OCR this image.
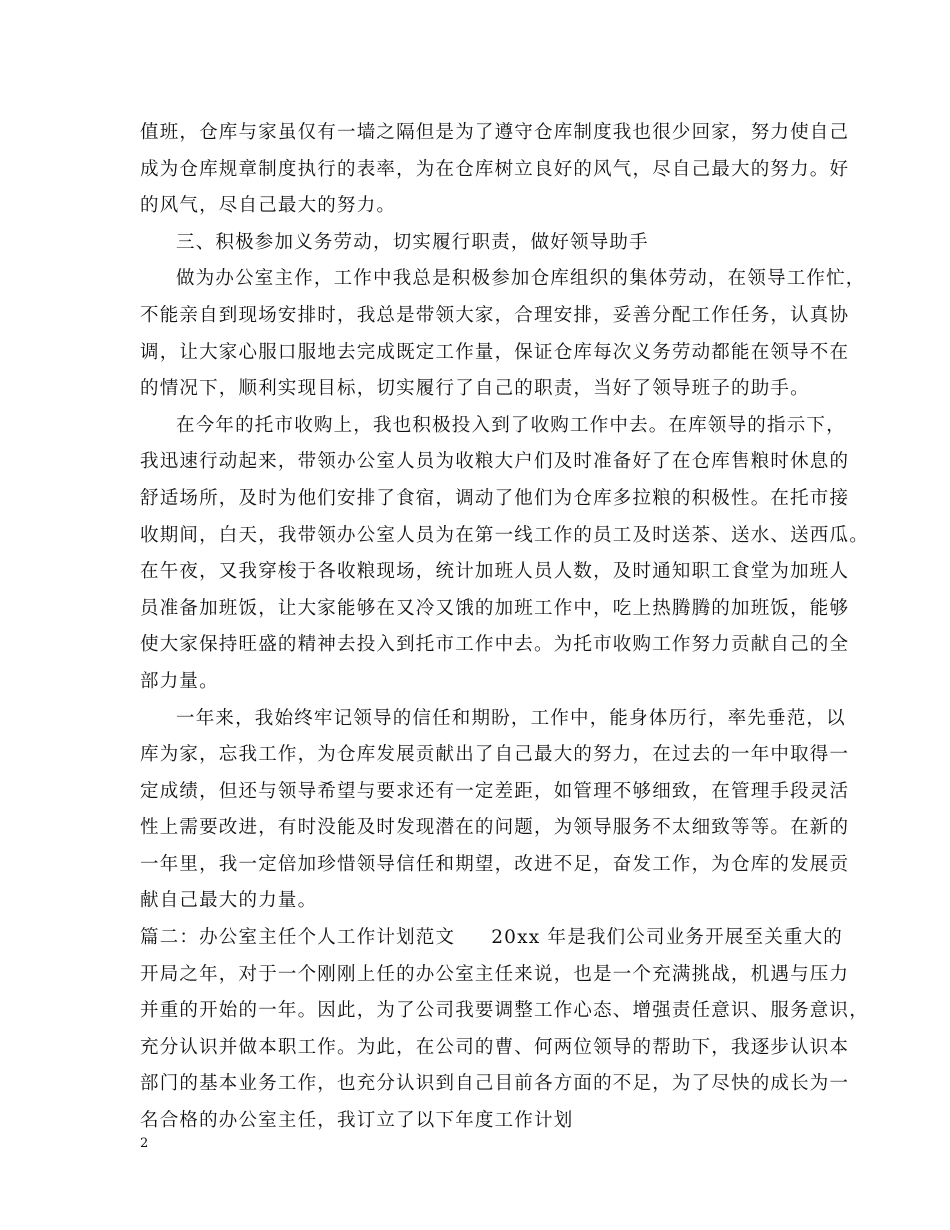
值班，仓库与家虽仅有一墙之隔但是为了遵守仓库制度我也很少回家，努力使自己
成为仓库规章制度执行的表率，为在仓库树立良好的风气，尽自己最大的努力。好
的风气，尽自己最大的努力。
三、积极参加义务劳动，切实履行职责，做好领导助手
做为办公室主作，工作中我总是积极参加仓库组织的集体劳动，在领导工作忙，
不能亲自到现场安排时，我总是带领大家，合理安排，妥善分配工作任务，认真协
调，让大家心服口服地去完成既定工作量，保证仓库每次义务劳动都能在领导不在
的情况下，顺利实现目标，切实履行了自己的职责，当好了领导班子的助手。
在今年的托市收购上，我也积极投入到了收购工作中去。在库领导的指示下，
我迅速行动起来，带领办公室人员为收粮大户们及时准备好了在仓库售粮时休息的
舒适场所，及时为他们安排了食宿，调动了他们为仓库多拉粮的积极性。在托市接
收期间，白天，我带领办公室人员为在第一线工作的员工及时送茶、送水、送西瓜。
在午夜，又我穿梭于各收粮现场，统计加班人员人数，及时通知职工食堂为加班人
员准备加班饭，让大家能够在又冷又饿的加班工作中，吃上热腾腾的加班饭，能够
使大家保持旺盛的精神去投入到托市工作中去。为托市收购工作努力贡献自己的全
部力量。
一年来，我始终牢记领导的信任和期盼，工作中，能身体历行，率先垂范，以
库为家，忘我工作，为仓库发展贡献出了自己最大的努力，在过去的一年中取得一
定成绩，但还与领导希望与要求还有一定差距，如管理不够细致，在管理手段灵活
性上需要改进，有时没能及时发现潜在的问题，为领导服务不太细致等等。在新的
一年里，我一定倍加珍惜领导信任和期望，改进不足，奋发工作，为仓库的发展贡
献自己最大的力量。
篇二：办公室主任个人工作计划范文 20xx 年是我们公司业务开展至关重大的
开局之年，对于一个刚刚上任的办公室主任来说，也是一个充满挑战，机遇与压力
并重的开始的一年。因此，为了公司我要调整工作心态、增强责任意识、服务意识，
充分认识并做本职工作。为此，在公司的曹、何两位领导的帮助下，我逐步认识本
部门的基本业务工作，也充分认识到自己目前各方面的不足，为了尽快的成长为一
名合格的办公室主任，我订立了以下年度工作计划
2
